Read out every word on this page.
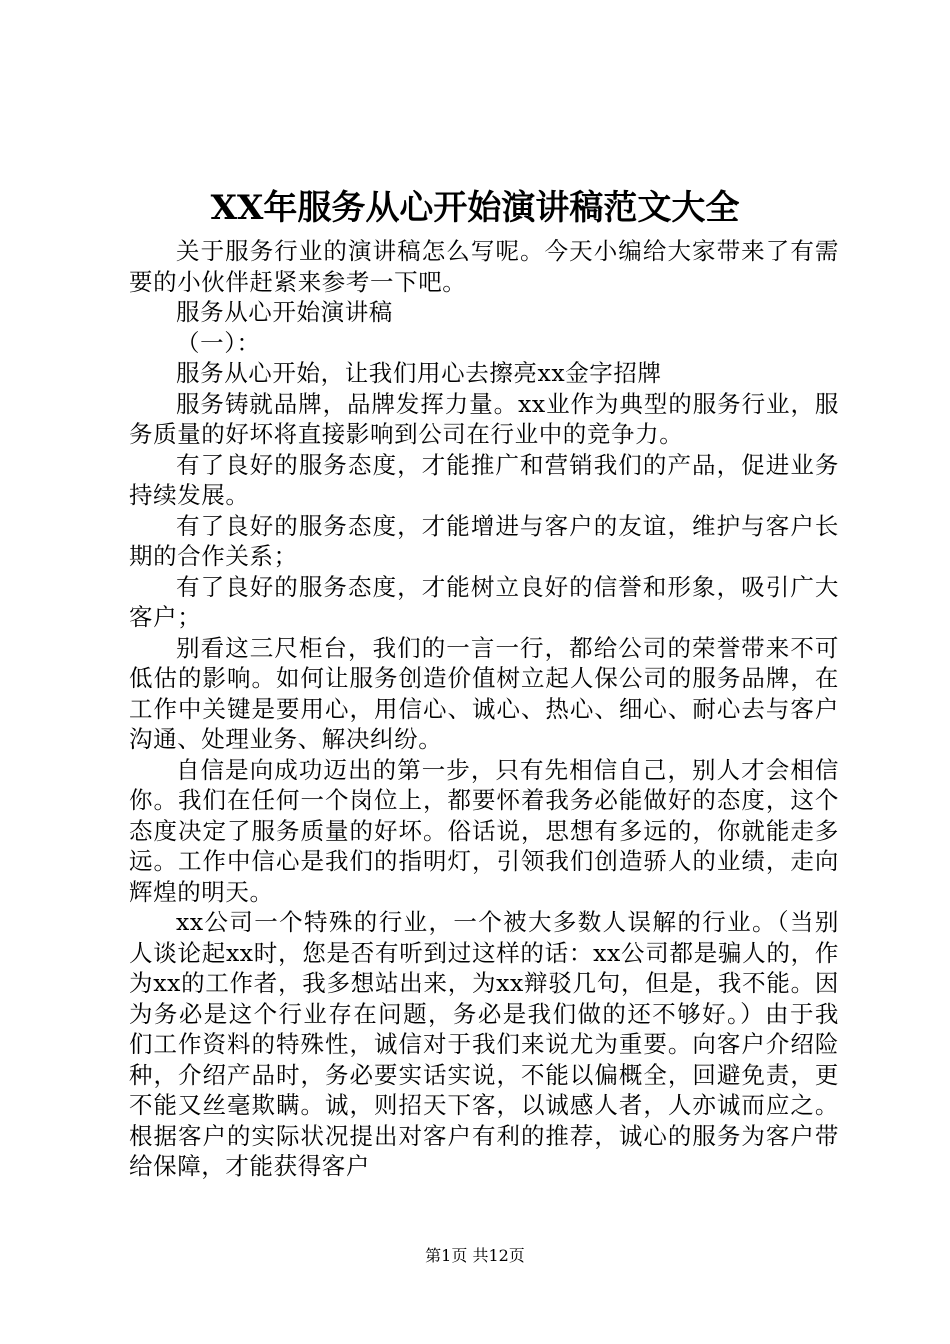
XX年服务从心开始演讲稿范文大全

关于服务行业的演讲稿怎么写呢。今天小编给大家带来了有需要的小伙伴赶紧来参考一下吧。

服务从心开始演讲稿

（一）：

服务从心开始，让我们用心去擦亮xx金字招牌

服务铸就品牌，品牌发挥力量。xx业作为典型的服务行业，服务质量的好坏将直接影响到公司在行业中的竞争力。

有了良好的服务态度，才能推广和营销我们的产品，促进业务持续发展。

有了良好的服务态度，才能增进与客户的友谊，维护与客户长期的合作关系；

有了良好的服务态度，才能树立良好的信誉和形象，吸引广大客户；

别看这三尺柜台，我们的一言一行，都给公司的荣誉带来不可低估的影响。如何让服务创造价值树立起人保公司的服务品牌，在工作中关键是要用心，用信心、诚心、热心、细心、耐心去与客户沟通、处理业务、解决纠纷。

自信是向成功迈出的第一步，只有先相信自己，别人才会相信你。我们在任何一个岗位上，都要怀着我务必能做好的态度，这个态度决定了服务质量的好坏。俗话说，思想有多远的，你就能走多远。工作中信心是我们的指明灯，引领我们创造骄人的业绩，走向辉煌的明天。

xx公司一个特殊的行业，一个被大多数人误解的行业。（当别人谈论起xx时，您是否有听到过这样的话：xx公司都是骗人的，作为xx的工作者，我多想站出来，为xx辩驳几句，但是，我不能。因为务必是这个行业存在问题，务必是我们做的还不够好。）由于我们工作资料的特殊性，诚信对于我们来说尤为重要。向客户介绍险种，介绍产品时，务必要实话实说，不能以偏概全，回避免责，更不能又丝毫欺瞒。诚，则招天下客，以诚感人者，人亦诚而应之。根据客户的实际状况提出对客户有利的推荐，诚心的服务为客户带给保障，才能获得客户

第1页 共12页
